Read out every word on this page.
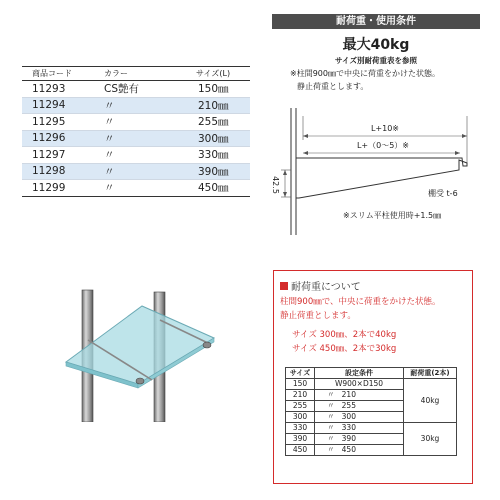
商品コード	カラー	サイズ(L)
11293	CS艶有	150㎜
11294	〃	210㎜
11295	〃	255㎜
11296	〃	300㎜
11297	〃	330㎜
11298	〃	390㎜
11299	〃	450㎜
耐荷重・使用条件
最大40kg
サイズ別耐荷重表を参照
※柱間900㎜で中央に荷重をかけた状態。
静止荷重とします。
L+10※
L+（0〜5）※
42.5	棚受 t-6
※スリム平柱使用時+1.5㎜
耐荷重について
柱間900㎜で、中央に荷重をかけた状態。
静止荷重とします。
サイズ 300㎜、2本で40kg
サイズ 450㎜、2本で30kg
サイズ	設定条件	耐荷重(2本)
150	W900×D150	40kg
210	〃   210	
255	〃   255	
300	〃   300	
330	〃   330	30kg
390	〃   390	
450	〃   450	
